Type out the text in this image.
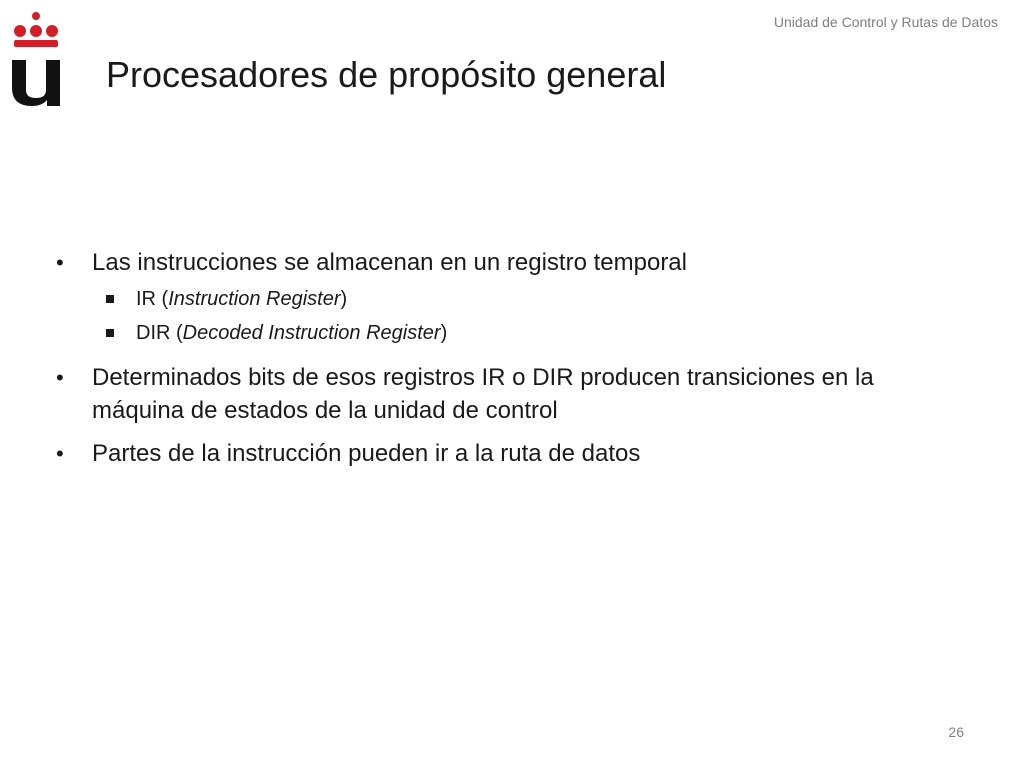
Unidad de Control y Rutas de Datos
Procesadores de propósito general
•	Las instrucciones se almacenan en un registro temporal
IR (Instruction Register)
DIR (Decoded Instruction Register)
•	Determinados bits de esos registros IR o DIR producen transiciones en la máquina de estados de la unidad de control
•	Partes de la instrucción pueden ir a la ruta de datos
26
